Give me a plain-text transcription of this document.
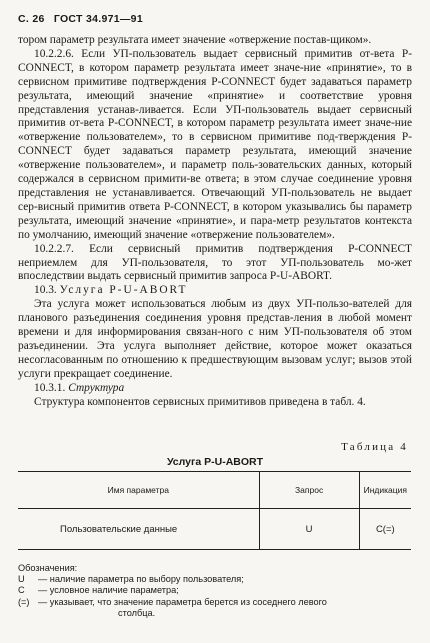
С. 26 ГОСТ 34.971—91

тором параметр результата имеет значение «отвержение постав-щиком».

10.2.2.6. Если УП-пользователь выдает сервисный примитив от-вета P-CONNECT, в котором параметр результата имеет значе-ние «принятие», то в сервисном примитиве подтверждения P-CONNECT будет задаваться параметр результата, имеющий значение «принятие» и соответствие уровня представления устанав-ливается. Если УП-пользователь выдает сервисный примитив от-вета P-CONNECT, в котором параметр результата имеет значе-ние «отвержение пользователем», то в сервисном примитиве под-тверждения P-CONNECT будет задаваться параметр результата, имеющий значение «отвержение пользователем», и параметр поль-зовательских данных, который содержался в сервисном примити-ве ответа; в этом случае соединение уровня представления не устанавливается. Отвечающий УП-пользователь не выдает сер-висный примитив ответа P-CONNECT, в котором указывались бы параметр результата, имеющий значение «принятие», и пара-метр результатов контекста по умолчанию, имеющий значение «отвержение пользователем».

10.2.2.7. Если сервисный примитив подтверждения P-CONNECT неприемлем для УП-пользователя, то этот УП-пользователь мо-жет впоследствии выдать сервисный примитив запроса P-U-ABORT.

10.3. Услуга P-U-ABORT

Эта услуга может использоваться любым из двух УП-пользо-вателей для планового разъединения соединения уровня представ-ления в любой момент времени и для информирования связан-ного с ним УП-пользователя об этом разъединении. Эта услуга выполняет действие, которое может оказаться несогласованным по отношению к предшествующим вызовам услуг; вызов этой услуги прекращает соединение.

10.3.1. Структура

Структура компонентов сервисных примитивов приведена в табл. 4.

Таблица 4
Услуга P-U-ABORT
Имя параметра	Запрос	Индикация
Пользовательские данные	U	C(=)
Обозначения:
U	— наличие параметра по выбору пользователя;
C	— условное наличие параметра;
(=) — указывает, что значение параметра берется из соседнего левого
столбца.
